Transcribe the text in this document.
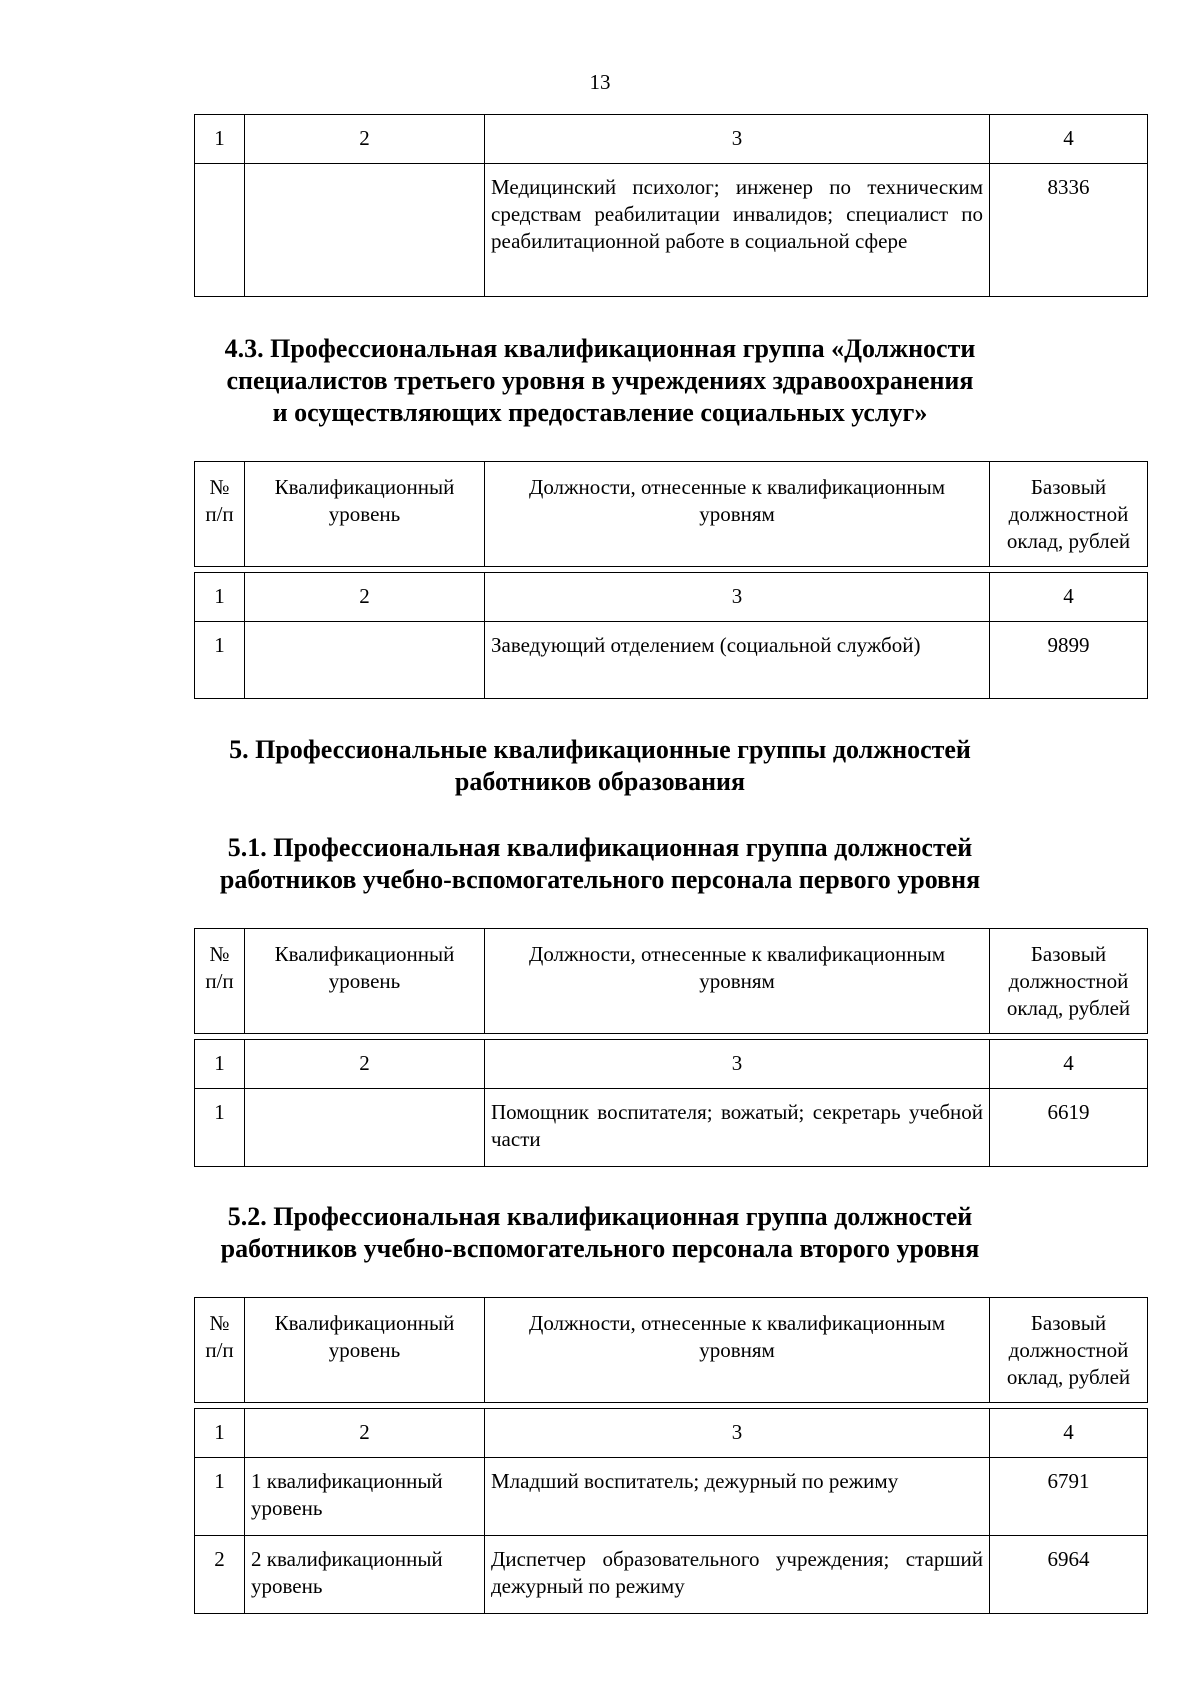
13
1	2	3	4
		Медицинский психолог; инженер по техническим средствам реабилитации инвалидов; специалист по реабилитационной работе в социальной сфере	8336
4.3. Профессиональная квалификационная группа «Должности
специалистов третьего уровня в учреждениях здравоохранения
и осуществляющих предоставление социальных услуг»
№ п/п	Квалификационный уровень	Должности, отнесенные к квалификационным уровням	Базовый должностной оклад, рублей
1	2	3	4
1		Заведующий отделением (социальной службой)	9899
5. Профессиональные квалификационные группы должностей
работников образования
5.1. Профессиональная квалификационная группа должностей
работников учебно-вспомогательного персонала первого уровня
№ п/п	Квалификационный уровень	Должности, отнесенные к квалификационным уровням	Базовый должностной оклад, рублей
1	2	3	4
1		Помощник воспитателя; вожатый; секретарь учебной части	6619
5.2. Профессиональная квалификационная группа должностей
работников учебно-вспомогательного персонала второго уровня
№ п/п	Квалификационный уровень	Должности, отнесенные к квалификационным уровням	Базовый должностной оклад, рублей
1	2	3	4
1	1 квалификационный уровень	Младший воспитатель; дежурный по режиму	6791
2	2 квалификационный уровень	Диспетчер образовательного учреждения; старший дежурный по режиму	6964
